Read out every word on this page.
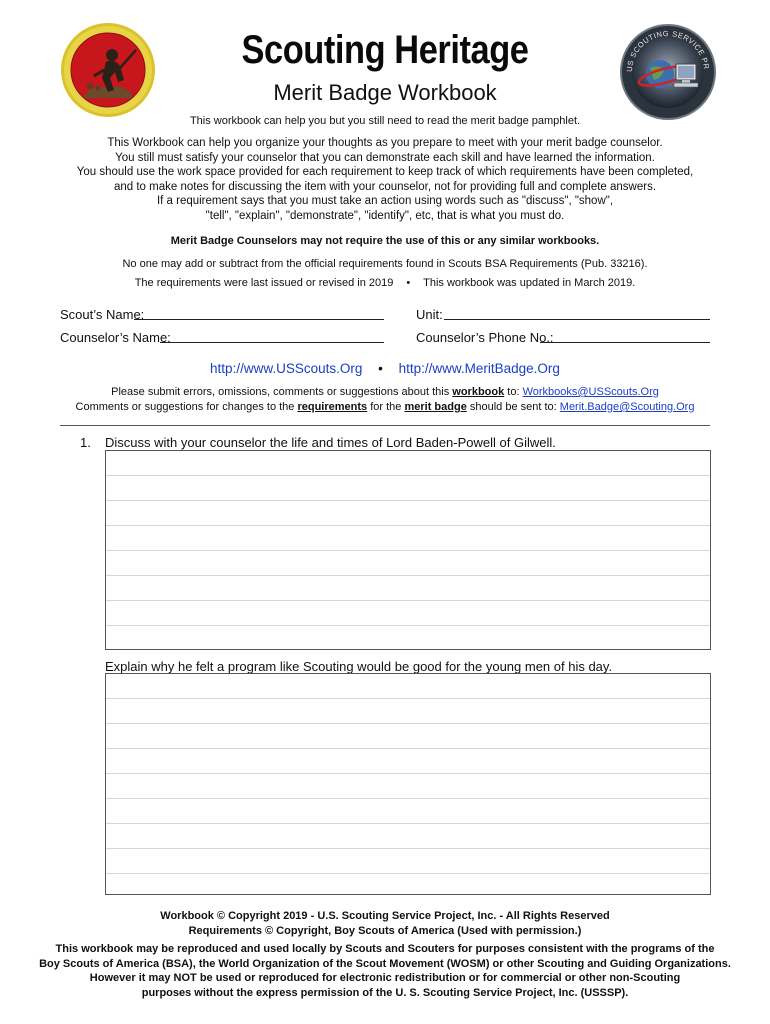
US SCOUTING SERVICE PR
Scouting Heritage
Merit Badge Workbook
This workbook can help you but you still need to read the merit badge pamphlet.
This Workbook can help you organize your thoughts as you prepare to meet with your merit badge counselor.
You still must satisfy your counselor that you can demonstrate each skill and have learned the information.
You should use the work space provided for each requirement to keep track of which requirements have been completed,
and to make notes for discussing the item with your counselor, not for providing full and complete answers.
If a requirement says that you must take an action using words such as "discuss", "show",
"tell", "explain", "demonstrate", "identify", etc, that is what you must do.
Merit Badge Counselors may not require the use of this or any similar workbooks.
No one may add or subtract from the official requirements found in Scouts BSA Requirements (Pub. 33216).
The requirements were last issued or revised in 2019 • This workbook was updated in March 2019.
Scout’s Name:	Unit:
Counselor’s Name:	Counselor’s Phone No.:
http://www.USScouts.Org • http://www.MeritBadge.Org
Please submit errors, omissions, comments or suggestions about this workbook to: Workbooks@USScouts.Org
Comments or suggestions for changes to the requirements for the merit badge should be sent to: Merit.Badge@Scouting.Org
1. Discuss with your counselor the life and times of Lord Baden-Powell of Gilwell.
Explain why he felt a program like Scouting would be good for the young men of his day.
Workbook © Copyright 2019 - U.S. Scouting Service Project, Inc. - All Rights Reserved
Requirements © Copyright, Boy Scouts of America (Used with permission.)
This workbook may be reproduced and used locally by Scouts and Scouters for purposes consistent with the programs of the
Boy Scouts of America (BSA), the World Organization of the Scout Movement (WOSM) or other Scouting and Guiding Organizations.
However it may NOT be used or reproduced for electronic redistribution or for commercial or other non-Scouting
purposes without the express permission of the U. S. Scouting Service Project, Inc. (USSSP).
